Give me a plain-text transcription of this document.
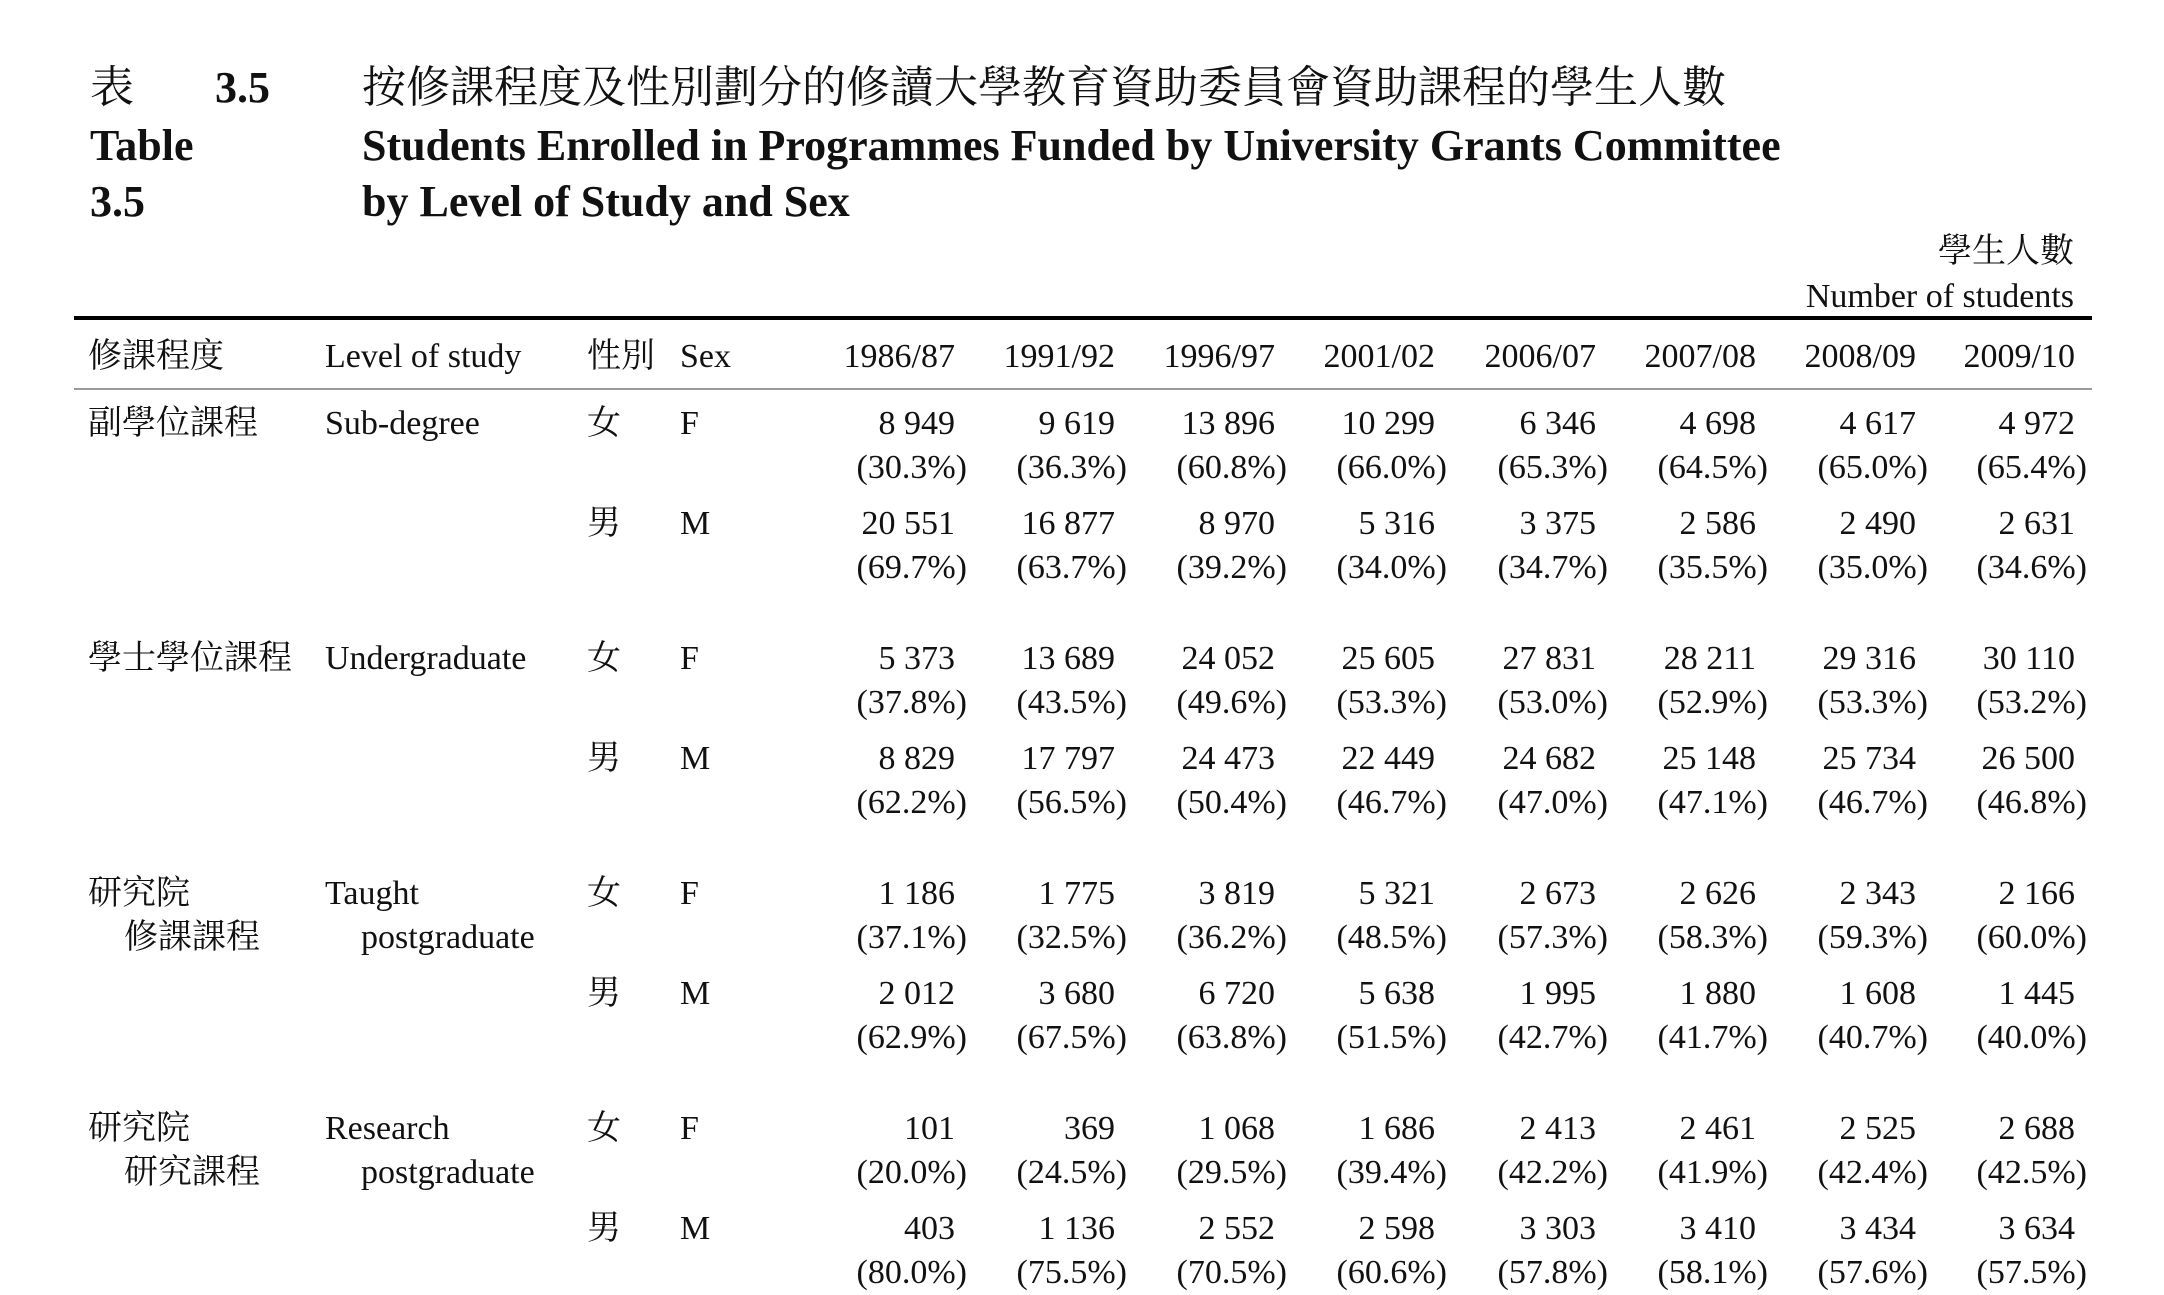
表 3.5 按修課程度及性別劃分的修讀大學教育資助委員會資助課程的學生人數
Table 3.5
Students Enrolled in Programmes Funded by University Grants Committee
by Level of Study and Sex
學生人數
Number of students
修課程度	Level of study 性別 Sex	1986/87	1991/92	1996/97	2001/02	2006/07	2007/08	2008/09	2009/10
副學位課程 Sub-degree	女 F	8 949	9 619	13 896	10 299	6 346	4 698	4 617	4 972
(30.3%)	(36.3%)	(60.8%)	(66.0%)	(65.3%)	(64.5%)	(65.0%)	(65.4%)
男 M	20 551	16 877	8 970	5 316	3 375	2 586	2 490	2 631
(69.7%)	(63.7%)	(39.2%)	(34.0%)	(34.7%)	(35.5%)	(35.0%)	(34.6%)
學士學位課程 Undergraduate 女 F	5 373	13 689	24 052	25 605	27 831	28 211	29 316	30 110
(37.8%)	(43.5%)	(49.6%)	(53.3%)	(53.0%)	(52.9%)	(53.3%)	(53.2%)
男 M	8 829	17 797	24 473	22 449	24 682	25 148	25 734	26 500
(62.2%)	(56.5%)	(50.4%)	(46.7%)	(47.0%)	(47.1%)	(46.7%)	(46.8%)
研究院
修課課程
Taught
postgraduate
女 F	1 186	1 775	3 819	5 321	2 673	2 626	2 343	2 166
(37.1%)	(32.5%)	(36.2%)	(48.5%)	(57.3%)	(58.3%)	(59.3%)	(60.0%)
男 M	2 012	3 680	6 720	5 638	1 995	1 880	1 608	1 445
(62.9%)	(67.5%)	(63.8%)	(51.5%)	(42.7%)	(41.7%)	(40.7%)	(40.0%)
研究院
研究課程
Research
postgraduate
女 F	101	369	1 068	1 686	2 413	2 461	2 525	2 688
(20.0%)	(24.5%)	(29.5%)	(39.4%)	(42.2%)	(41.9%)	(42.4%)	(42.5%)
男 M	403	1 136	2 552	2 598	3 303	3 410	3 434	3 634
(80.0%)	(75.5%)	(70.5%)	(60.6%)	(57.8%)	(58.1%)	(57.6%)	(57.5%)
